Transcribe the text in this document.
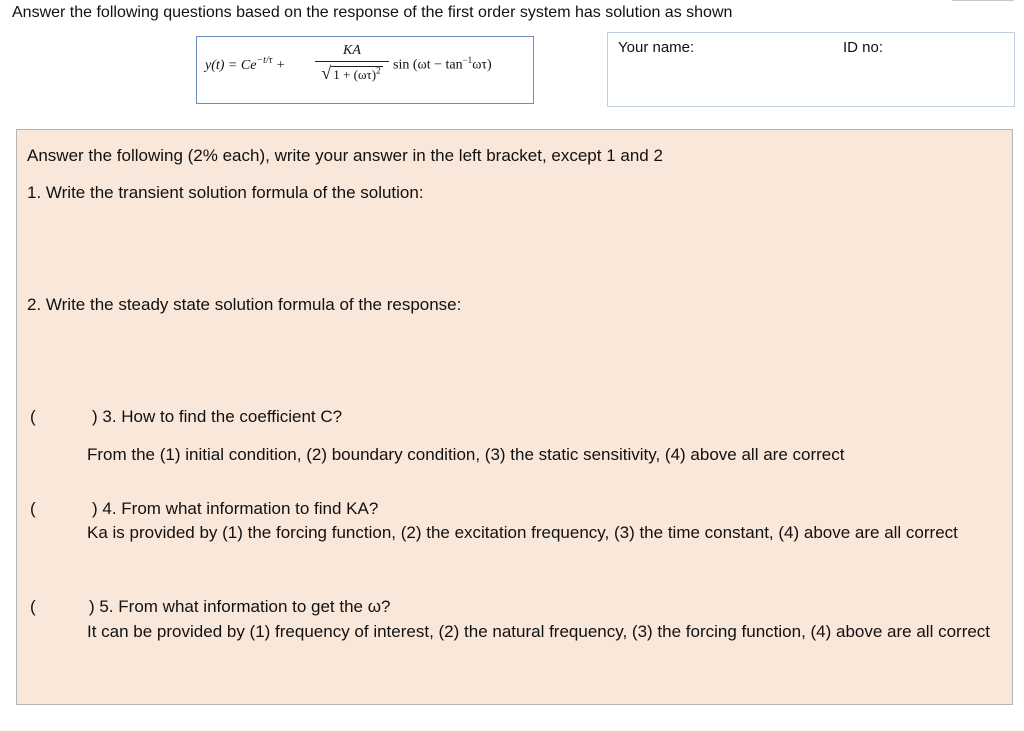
Answer the following questions based on the response of the first order system has solution as shown
$y(t) = Ce^{-t/\tau}$ +
KA
√ $1 + (\omega\tau)^2$ $\sin (\omega t - \tan^{-1}\omega\tau)$
Your name:	ID no:
Answer the following (2% each), write your answer in the left bracket, except 1 and 2
1. Write the transient solution formula of the solution:
2. Write the steady state solution formula of the response:
(	) 3. How to find the coefficient C?
From the (1) initial condition, (2) boundary condition, (3) the static sensitivity, (4) above all are correct
(	) 4. From what information to find KA?
Ka is provided by (1) the forcing function, (2) the excitation frequency, (3) the time constant, (4) above are all correct
(	) 5. From what information to get the ω?
It can be provided by (1) frequency of interest, (2) the natural frequency, (3) the forcing function, (4) above are all correct
